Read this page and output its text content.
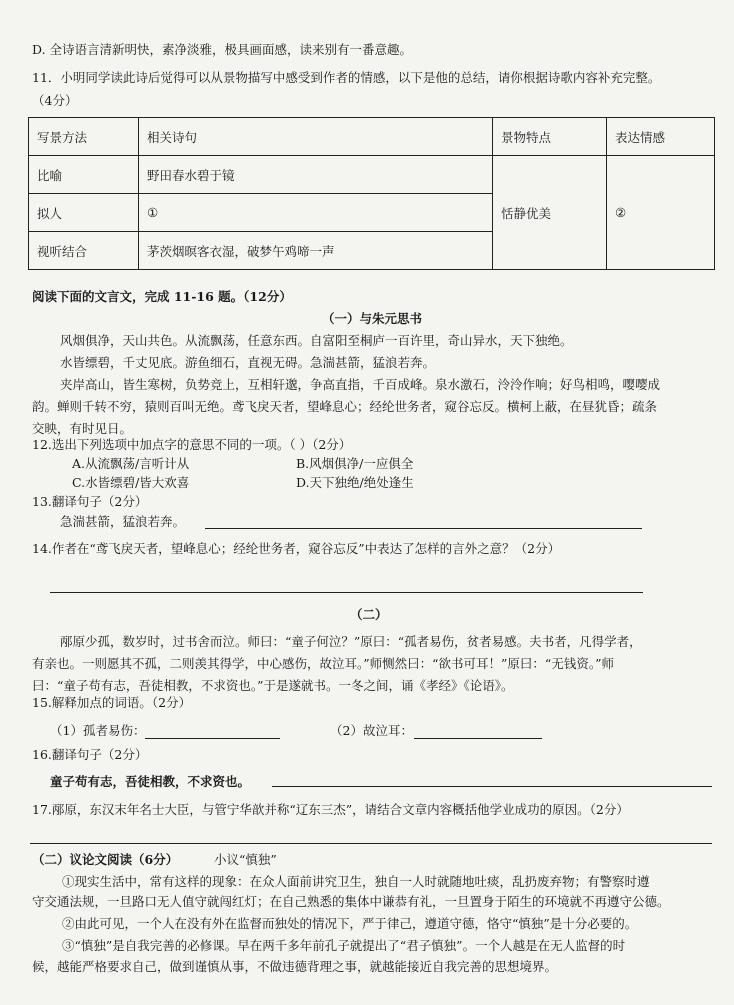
D. 全诗语言清新明快，素净淡雅，极具画面感，读来别有一番意趣。
11．小明同学读此诗后觉得可以从景物描写中感受到作者的情感，以下是他的总结，请你根据诗歌内容补充完整。
（4分）
写景方法	相关诗句	景物特点	表达情感
比喻	野田春水碧于镜	恬静优美	②
拟人	①		
视听结合	茅茨烟暝客衣湿，破梦午鸡啼一声		
阅读下面的文言文，完成 11-16 题。（12分）
（一）与朱元思书
风烟俱净，天山共色。从流飘荡，任意东西。自富阳至桐庐一百许里，奇山异水，天下独绝。
水皆缥碧，千丈见底。游鱼细石，直视无碍。急湍甚箭，猛浪若奔。
夹岸高山，皆生寒树，负势竞上，互相轩邈，争高直指，千百成峰。泉水激石，泠泠作响；好鸟相鸣，嘤嘤成
韵。蝉则千转不穷，猿则百叫无绝。鸢飞戾天者，望峰息心；经纶世务者，窥谷忘反。横柯上蔽，在昼犹昏；疏条
交映，有时见日。
12.选出下列选项中加点字的意思不同的一项。（ ）（2分）
A.从流飘荡/言听计从	B.风烟俱净/一应俱全
C.水皆缥碧/皆大欢喜	D.天下独绝/绝处逢生
13.翻译句子（2分）
急湍甚箭，猛浪若奔。
14.作者在“鸢飞戾天者，望峰息心；经纶世务者，窥谷忘反”中表达了怎样的言外之意？（2分）
（二）
邴原少孤，数岁时，过书舍而泣。师曰：“童子何泣？”原曰：“孤者易伤，贫者易感。夫书者，凡得学者，
有亲也。一则愿其不孤，二则羡其得学，中心感伤，故泣耳。”师恻然曰：“欲书可耳！”原曰：“无钱资。”师
曰：“童子苟有志，吾徒相教，不求资也。”于是遂就书。一冬之间，诵《孝经》《论语》。
15.解释加点的词语。（2分）
（1）孤者易伤：	（2）故泣耳：
16.翻译句子（2分）
童子苟有志，吾徒相教，不求资也。
17.邴原，东汉末年名士大臣，与管宁华歆并称“辽东三杰”，请结合文章内容概括他学业成功的原因。（2分）
（二）议论文阅读（6分）	小议“慎独”
①现实生活中，常有这样的现象：在众人面前讲究卫生，独自一人时就随地吐痰，乱扔废弃物；有警察时遵
守交通法规，一旦路口无人值守就闯红灯；在自己熟悉的集体中谦恭有礼，一旦置身于陌生的环境就不再遵守公德。
②由此可见，一个人在没有外在监督而独处的情况下，严于律己，遵道守德，恪守“慎独”是十分必要的。
③“慎独”是自我完善的必修课。早在两千多年前孔子就提出了“君子慎独”。一个人越是在无人监督的时
候，越能严格要求自己，做到谨慎从事，不做违德背理之事，就越能接近自我完善的思想境界。
